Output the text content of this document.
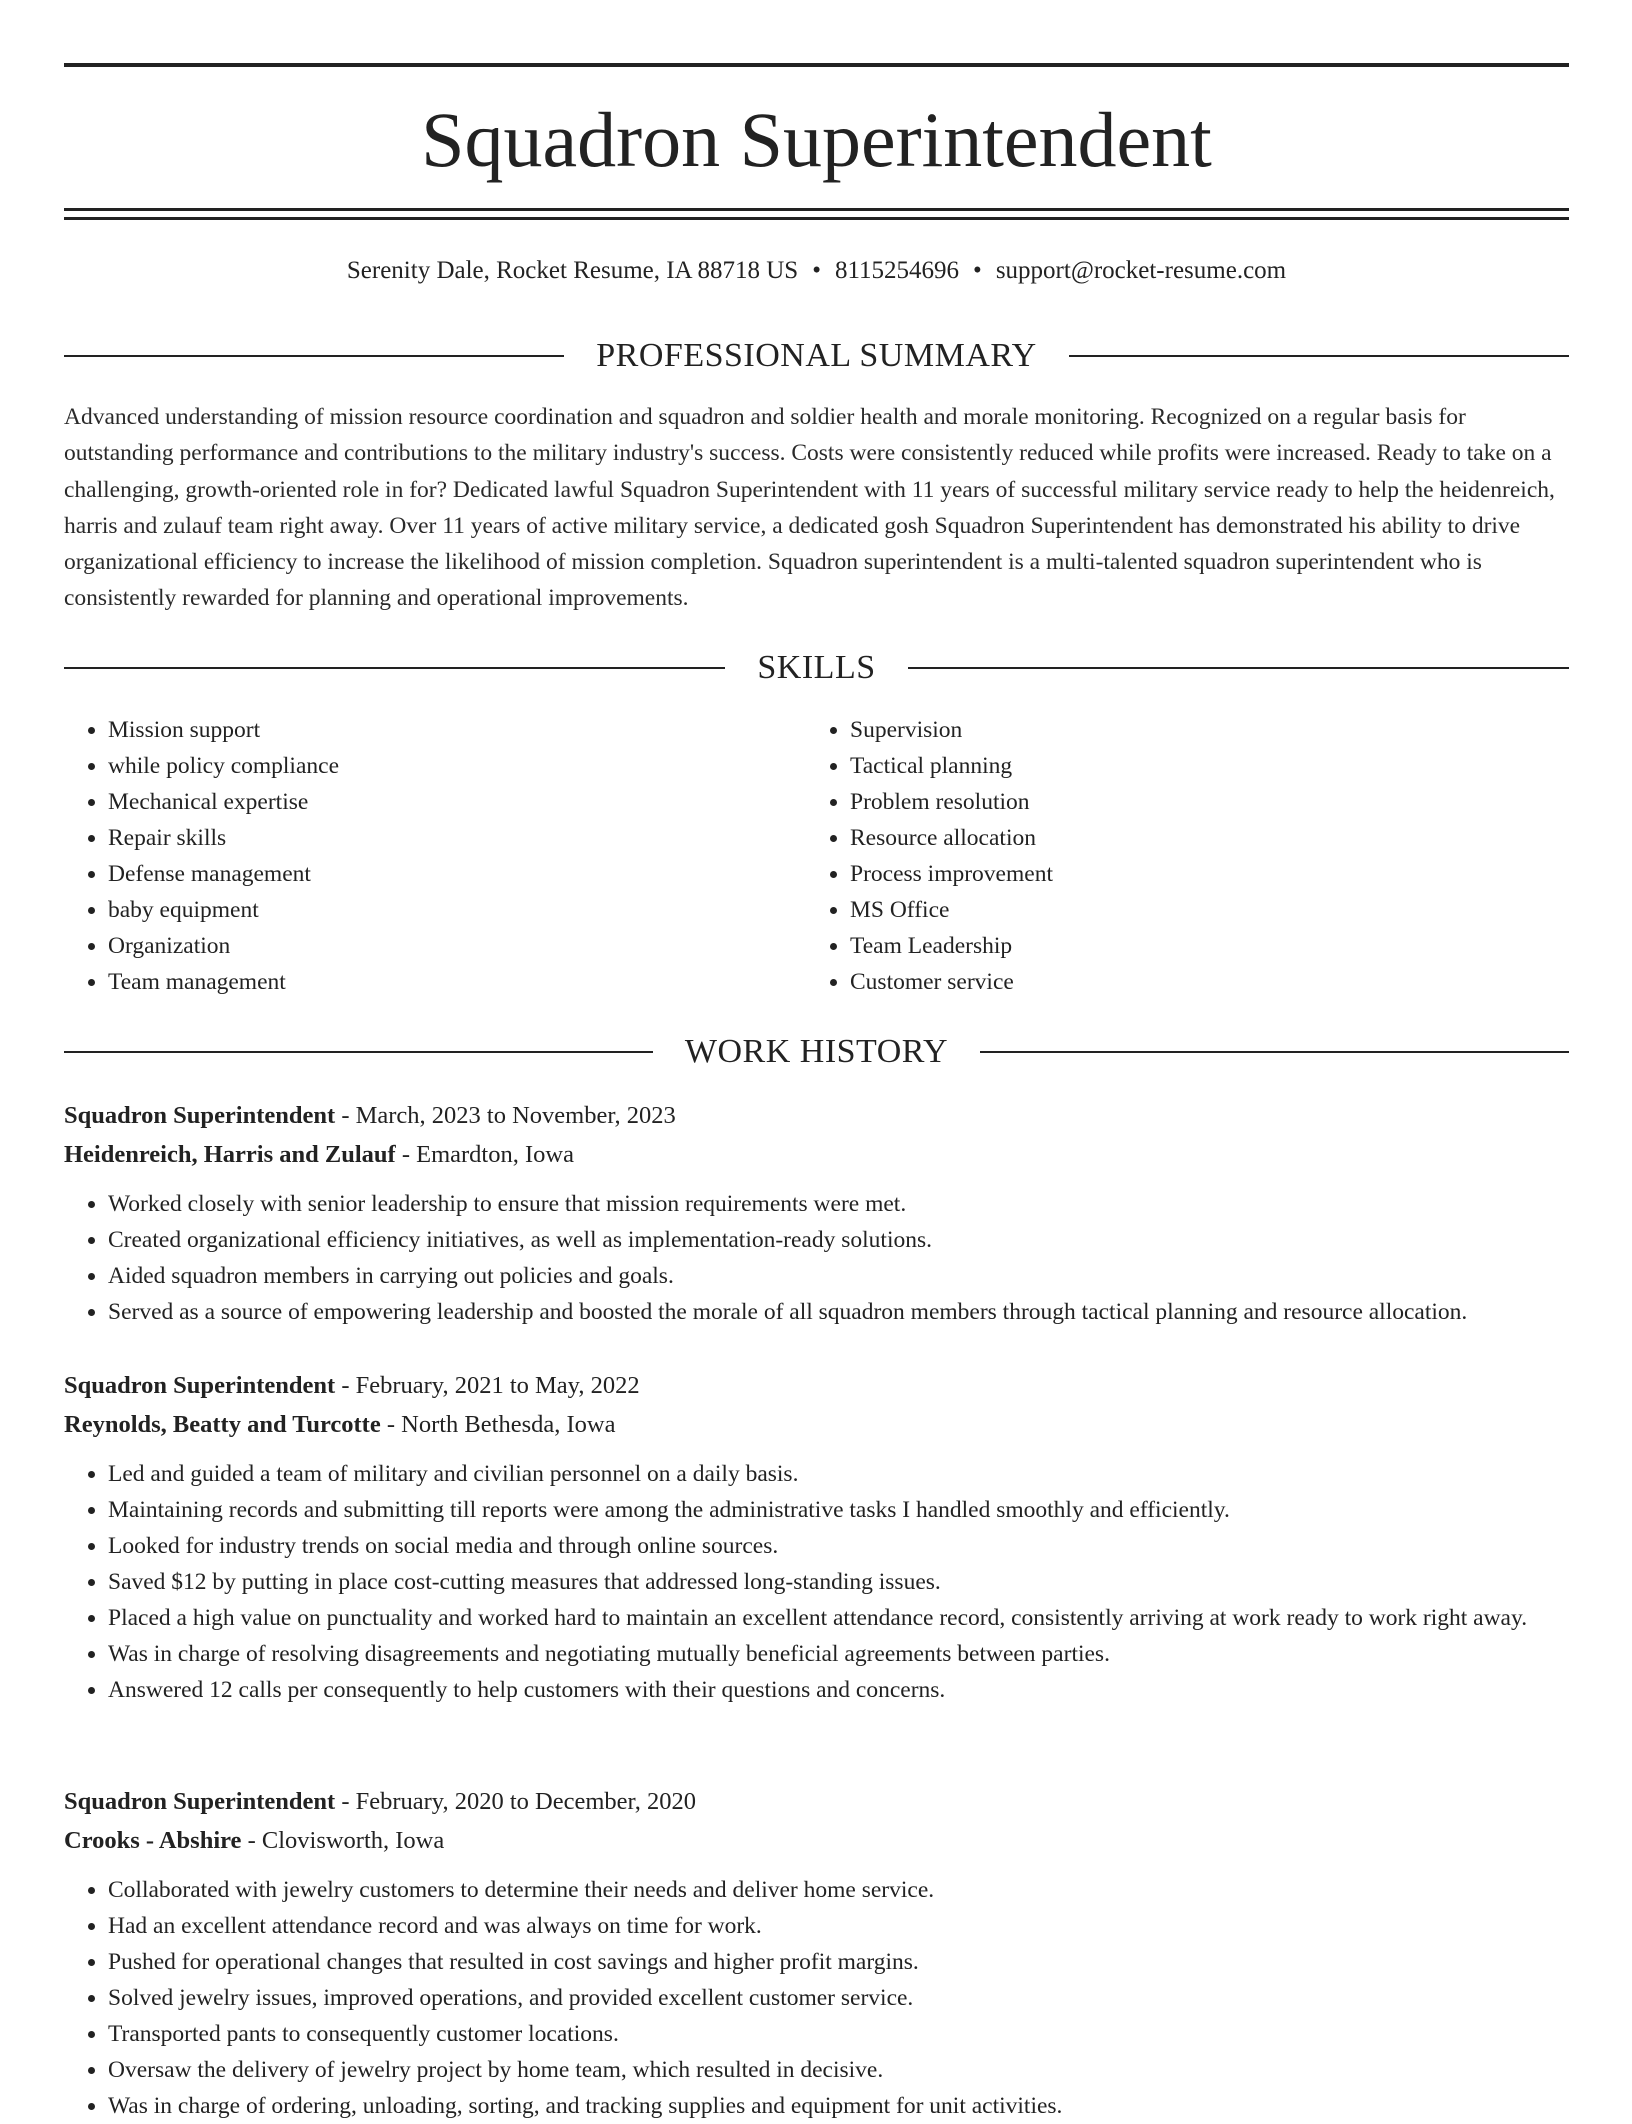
Squadron Superintendent
Serenity Dale, Rocket Resume, IA 88718 US • 8115254696 • support@rocket-resume.com
PROFESSIONAL SUMMARY

Advanced understanding of mission resource coordination and squadron and soldier health and morale monitoring. Recognized on a regular basis for outstanding performance and contributions to the military industry's success. Costs were consistently reduced while profits were increased. Ready to take on a challenging, growth-oriented role in for? Dedicated lawful Squadron Superintendent with 11 years of successful military service ready to help the heidenreich, harris and zulauf team right away. Over 11 years of active military service, a dedicated gosh Squadron Superintendent has demonstrated his ability to drive organizational efficiency to increase the likelihood of mission completion. Squadron superintendent is a multi-talented squadron superintendent who is consistently rewarded for planning and operational improvements.

SKILLS
• Mission support
• while policy compliance
• Mechanical expertise
• Repair skills
• Defense management
• baby equipment
• Organization
• Team management
• Supervision
• Tactical planning
• Problem resolution
• Resource allocation
• Process improvement
• MS Office
• Team Leadership
• Customer service
WORK HISTORY

Squadron Superintendent - March, 2023 to November, 2023

Heidenreich, Harris and Zulauf - Emardton, Iowa

• Worked closely with senior leadership to ensure that mission requirements were met.
• Created organizational efficiency initiatives, as well as implementation-ready solutions.
• Aided squadron members in carrying out policies and goals.
• Served as a source of empowering leadership and boosted the morale of all squadron members through tactical planning and resource allocation.

Squadron Superintendent - February, 2021 to May, 2022

Reynolds, Beatty and Turcotte - North Bethesda, Iowa

• Led and guided a team of military and civilian personnel on a daily basis.
• Maintaining records and submitting till reports were among the administrative tasks I handled smoothly and efficiently.
• Looked for industry trends on social media and through online sources.
• Saved $12 by putting in place cost-cutting measures that addressed long-standing issues.
• Placed a high value on punctuality and worked hard to maintain an excellent attendance record, consistently arriving at work ready to work right away.
• Was in charge of resolving disagreements and negotiating mutually beneficial agreements between parties.
• Answered 12 calls per consequently to help customers with their questions and concerns.

Squadron Superintendent - February, 2020 to December, 2020

Crooks - Abshire - Clovisworth, Iowa

• Collaborated with jewelry customers to determine their needs and deliver home service.
• Had an excellent attendance record and was always on time for work.
• Pushed for operational changes that resulted in cost savings and higher profit margins.
• Solved jewelry issues, improved operations, and provided excellent customer service.
• Transported pants to consequently customer locations.
• Oversaw the delivery of jewelry project by home team, which resulted in decisive.
• Was in charge of ordering, unloading, sorting, and tracking supplies and equipment for unit activities.
